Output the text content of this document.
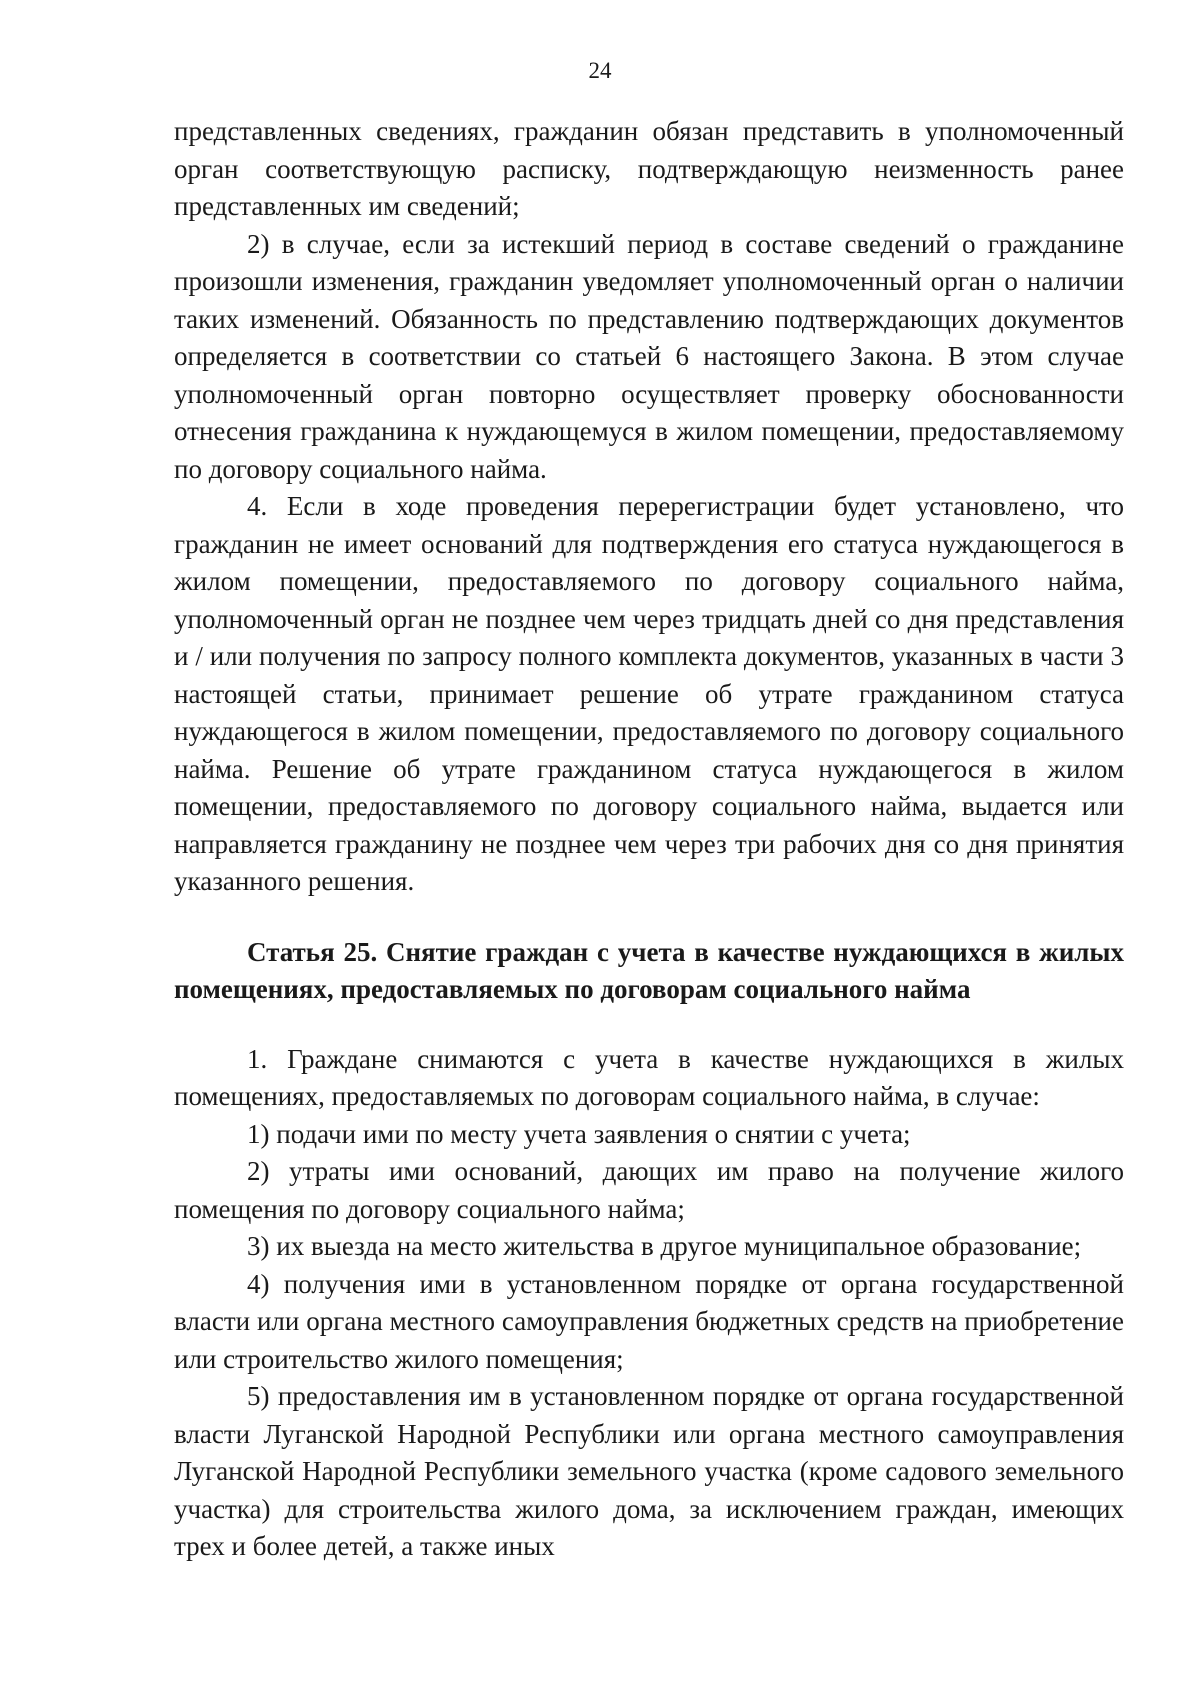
24

представленных сведениях, гражданин обязан представить в уполномоченный орган соответствующую расписку, подтверждающую неизменность ранее представленных им сведений;

2) в случае, если за истекший период в составе сведений о гражданине произошли изменения, гражданин уведомляет уполномоченный орган о наличии таких изменений. Обязанность по представлению подтверждающих документов определяется в соответствии со статьей 6 настоящего Закона. В этом случае уполномоченный орган повторно осуществляет проверку обоснованности отнесения гражданина к нуждающемуся в жилом помещении, предоставляемому по договору социального найма.

4. Если в ходе проведения перерегистрации будет установлено, что гражданин не имеет оснований для подтверждения его статуса нуждающегося в жилом помещении, предоставляемого по договору социального найма, уполномоченный орган не позднее чем через тридцать дней со дня представления и / или получения по запросу полного комплекта документов, указанных в части 3 настоящей статьи, принимает решение об утрате гражданином статуса нуждающегося в жилом помещении, предоставляемого по договору социального найма. Решение об утрате гражданином статуса нуждающегося в жилом помещении, предоставляемого по договору социального найма, выдается или направляется гражданину не позднее чем через три рабочих дня со дня принятия указанного решения.

Статья 25. Снятие граждан с учета в качестве нуждающихся в жилых помещениях, предоставляемых по договорам социального найма

1. Граждане снимаются с учета в качестве нуждающихся в жилых помещениях, предоставляемых по договорам социального найма, в случае:

1) подачи ими по месту учета заявления о снятии с учета;

2) утраты ими оснований, дающих им право на получение жилого помещения по договору социального найма;

3) их выезда на место жительства в другое муниципальное образование;

4) получения ими в установленном порядке от органа государственной власти или органа местного самоуправления бюджетных средств на приобретение или строительство жилого помещения;

5) предоставления им в установленном порядке от органа государственной власти Луганской Народной Республики или органа местного самоуправления Луганской Народной Республики земельного участка (кроме садового земельного участка) для строительства жилого дома, за исключением граждан, имеющих трех и более детей, а также иных
